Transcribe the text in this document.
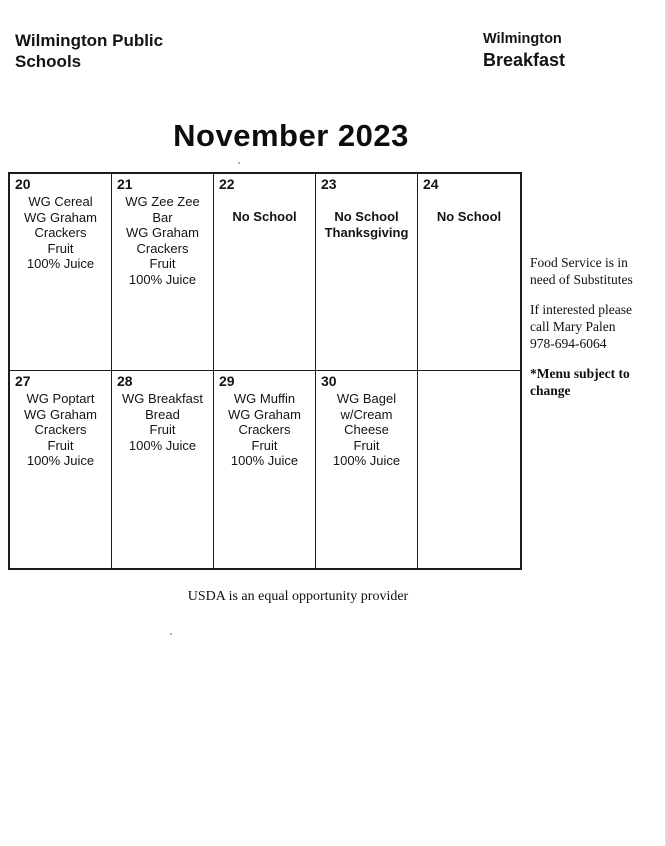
Wilmington Public
Schools
Wilmington
Breakfast
November 2023
20
WG Cereal
WG Graham
Crackers
Fruit
100% Juice
21
WG Zee Zee
Bar
WG Graham
Crackers
Fruit
100% Juice
22
No School
23
No School
Thanksgiving
24
No School
27
WG Poptart
WG Graham
Crackers
Fruit
100% Juice
28
WG Breakfast
Bread
Fruit
100% Juice
29
WG Muffin
WG Graham
Crackers
Fruit
100% Juice
30
WG Bagel
w/Cream
Cheese
Fruit
100% Juice
Food Service is in
need of Substitutes
If interested please
call Mary Palen
978-694-6064
*Menu subject to
change
USDA is an equal opportunity provider
